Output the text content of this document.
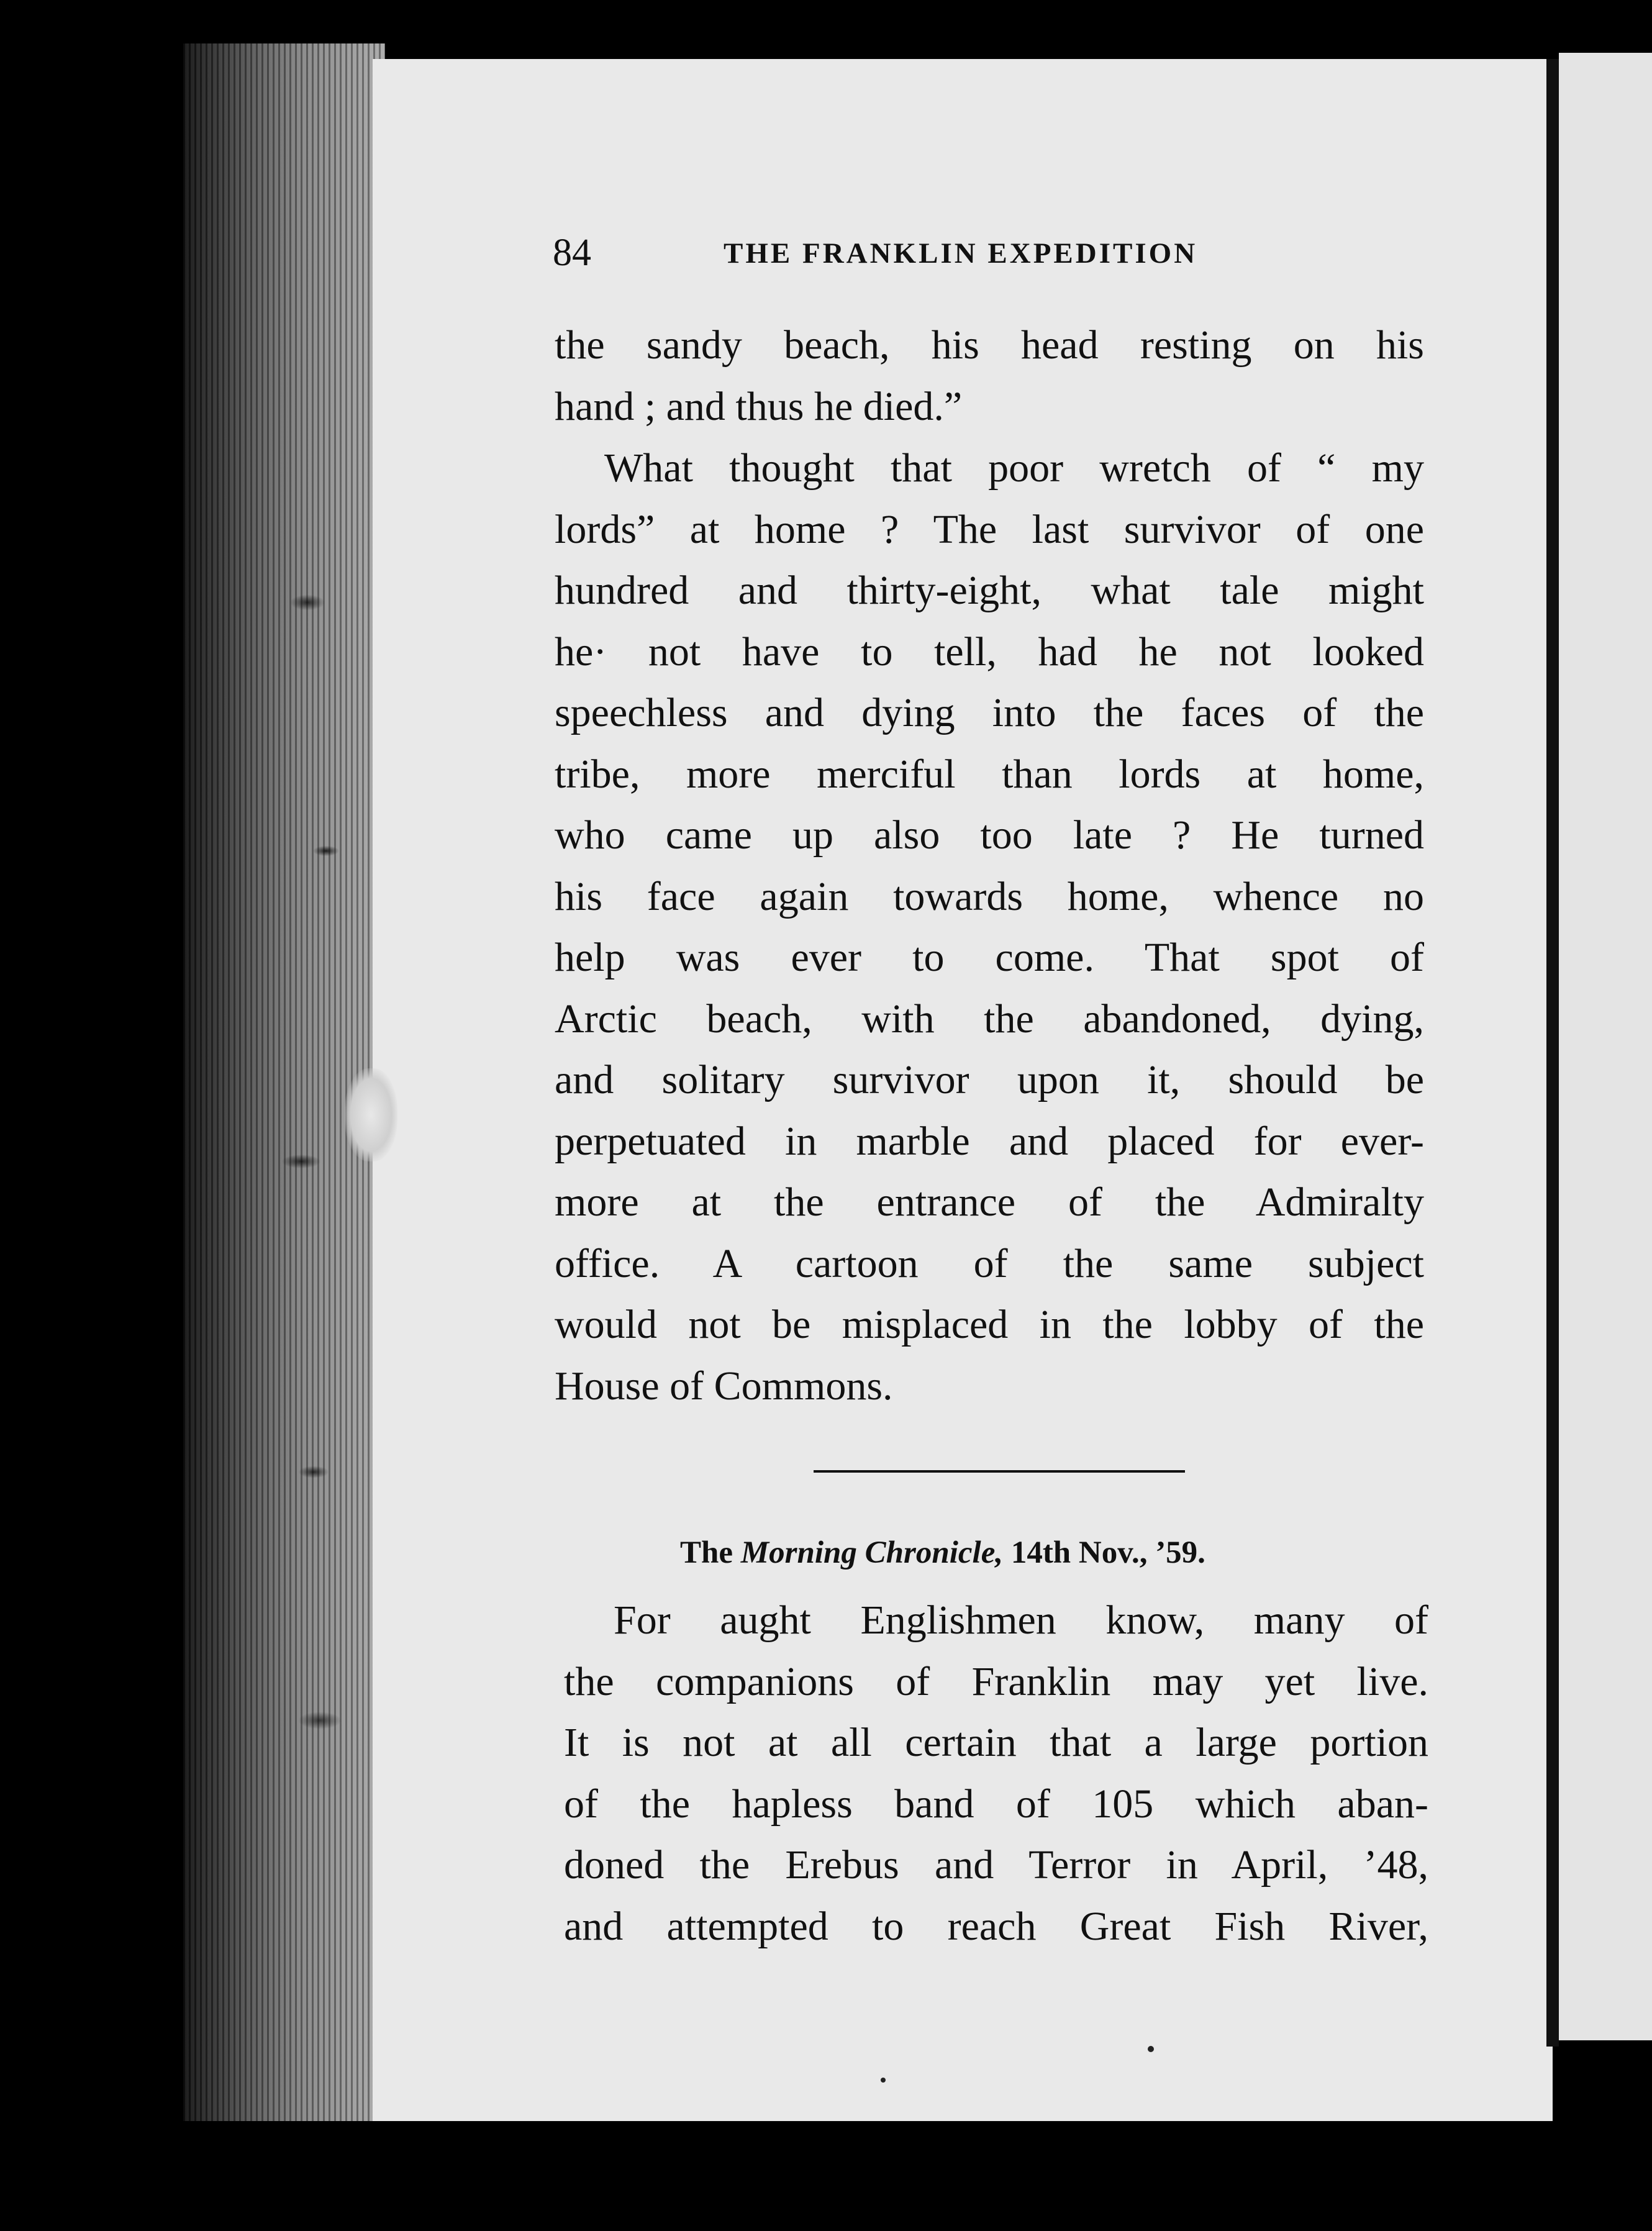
84	THE FRANKLIN EXPEDITION
the sandy beach, his head resting on his
hand ; and thus he died.”
What thought that poor wretch of “ my
lords” at home ? The last survivor of one
hundred and thirty-eight, what tale might
he· not have to tell, had he not looked
speechless and dying into the faces of the
tribe, more merciful than lords at home,
who came up also too late ? He turned
his face again towards home, whence no
help was ever to come. That spot of
Arctic beach, with the abandoned, dying,
and solitary survivor upon it, should be
perpetuated in marble and placed for ever-
more at the entrance of the Admiralty
office. A cartoon of the same subject
would not be misplaced in the lobby of the
House of Commons.
The Morning Chronicle, 14th Nov., ’59.
For aught Englishmen know, many of
the companions of Franklin may yet live.
It is not at all certain that a large portion
of the hapless band of 105 which aban-
doned the Erebus and Terror in April, ’48,
and attempted to reach Great Fish River,
